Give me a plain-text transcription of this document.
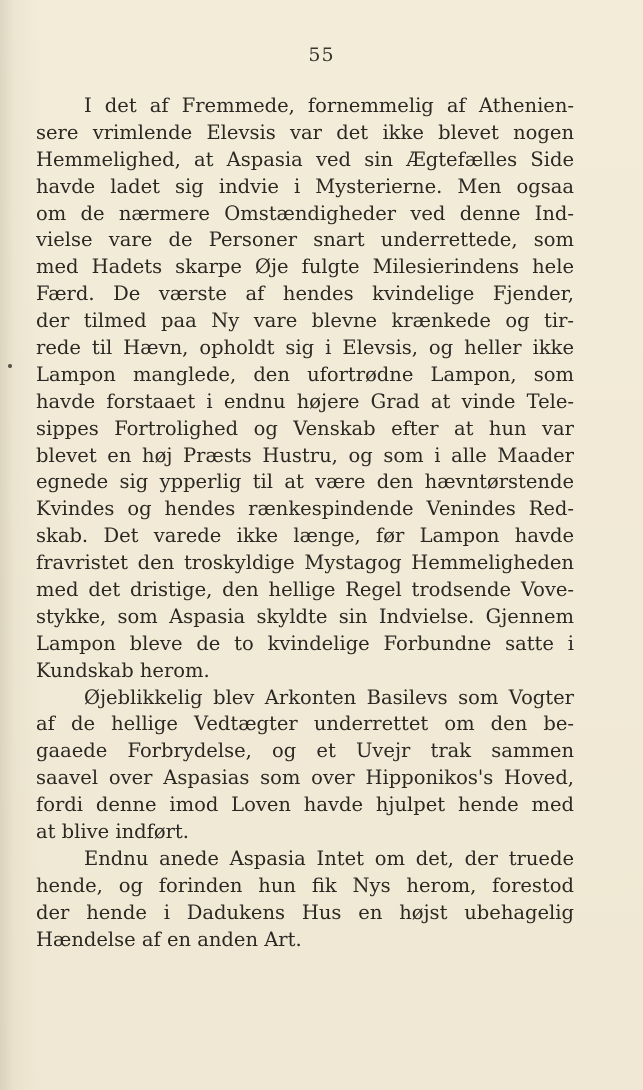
55
I det af Fremmede, fornemmelig af Athenien-
sere vrimlende Elevsis var det ikke blevet nogen
Hemmelighed, at Aspasia ved sin Ægtefælles Side
havde ladet sig indvie i Mysterierne. Men ogsaa
om de nærmere Omstændigheder ved denne Ind-
vielse vare de Personer snart underrettede, som
med Hadets skarpe Øje fulgte Milesierindens hele
Færd. De værste af hendes kvindelige Fjender,
der tilmed paa Ny vare blevne krænkede og tir-
rede til Hævn, opholdt sig i Elevsis, og heller ikke
Lampon manglede, den ufortrødne Lampon, som
havde forstaaet i endnu højere Grad at vinde Tele-
sippes Fortrolighed og Venskab efter at hun var
blevet en høj Præsts Hustru, og som i alle Maader
egnede sig ypperlig til at være den hævntørstende
Kvindes og hendes rænkespindende Venindes Red-
skab. Det varede ikke længe, før Lampon havde
fravristet den troskyldige Mystagog Hemmeligheden
med det dristige, den hellige Regel trodsende Vove-
stykke, som Aspasia skyldte sin Indvielse. Gjennem
Lampon bleve de to kvindelige Forbundne satte i
Kundskab herom.
Øjeblikkelig blev Arkonten Basilevs som Vogter
af de hellige Vedtægter underrettet om den be-
gaaede Forbrydelse, og et Uvejr trak sammen
saavel over Aspasias som over Hipponikos's Hoved,
fordi denne imod Loven havde hjulpet hende med
at blive indført.
Endnu anede Aspasia Intet om det, der truede
hende, og forinden hun fik Nys herom, forestod
der hende i Dadukens Hus en højst ubehagelig
Hændelse af en anden Art.
